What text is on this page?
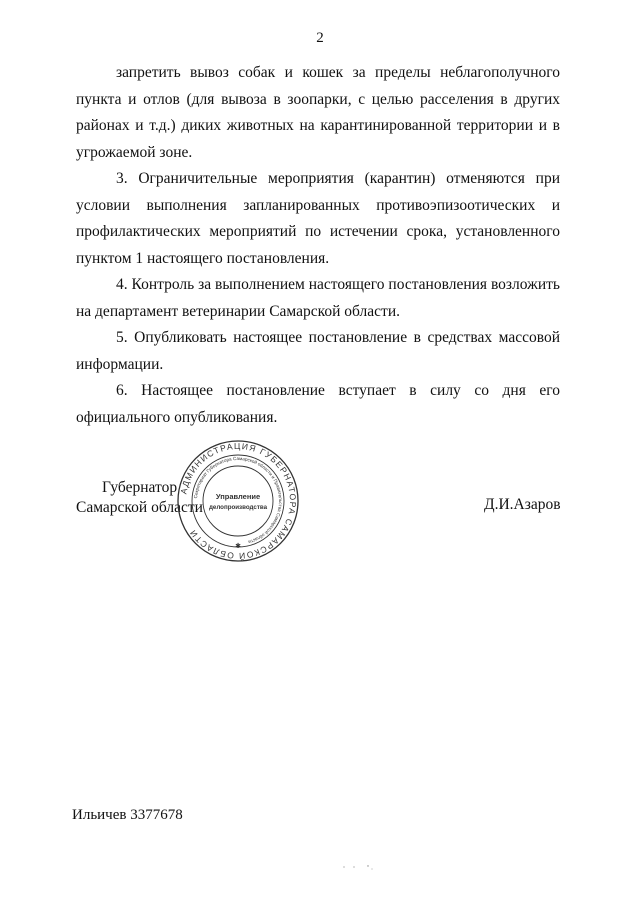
2

запретить вывоз собак и кошек за пределы неблагополучного пункта и отлов (для вывоза в зоопарки, с целью расселения в других районах и т.д.) диких животных на карантинированной территории и в угрожаемой зоне.

3. Ограничительные мероприятия (карантин) отменяются при условии выполнения запланированных противоэпизоотических и профилактических мероприятий по истечении срока, установленного пунктом 1 настоящего постановления.

4. Контроль за выполнением настоящего постановления возложить на департамент ветеринарии Самарской области.

5. Опубликовать настоящее постановление в средствах массовой информации.

6. Настоящее постановление вступает в силу со дня его официального опубликования.

Губернатор
Самарской области	Д.И.Азаров
АДМИНИСТРАЦИЯ ГУБЕРНАТОРА САМАРСКОЙ ОБЛАСТИ
Секретариат Губернатора Самарской области и Правительства Самарской области
Управление
делопроизводства
✱
Ильичев 3377678
